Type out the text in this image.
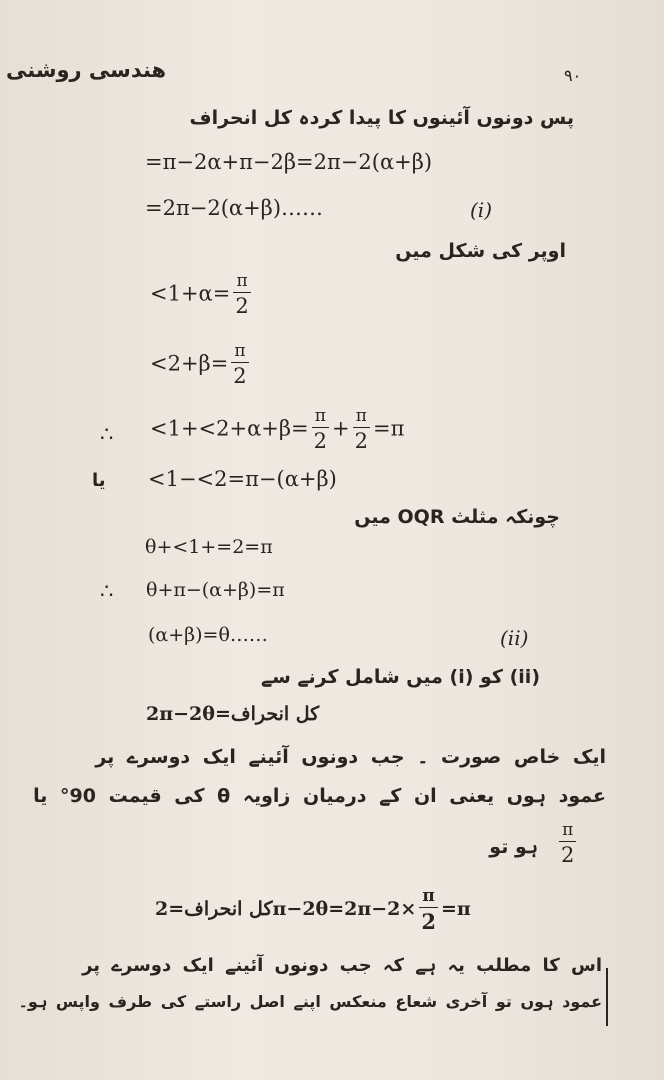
هندسی روشنی	۹۰
پس دونوں آئینوں کا پیدا کردہ کل انحراف
=π−2α+π−2β=2π−2(α+β)
=2π−2(α+β)……	(i)
اوپر کی شکل میں
$<1+\alpha= \frac{\pi}{2}$
$<2+\beta= \frac{\pi}{2}$
∴ $<1+<2+\alpha+\beta= \frac{\pi}{2} + \frac{\pi}{2} =\pi$
یا <1−<2=π−(α+β)
چونکہ مثلث OQR میں
θ+<1+=2=π
∴ θ+π−(α+β)=π
(α+β)=θ……	(ii)
(ii) کو (i) میں شامل کرنے سے
کل انحراف=2π−2θ
ایک خاص صورت ۔ جب دونوں آئینے ایک دوسرے پر
عمود ہوں یعنی ان کے درمیان زاویہ θ کی قیمت 90° یا
$\frac{\pi}{2}$
ہو تو
کل انحراف=2π−2θ=2π−2× $\frac{\pi}{2} =\pi$
اس کا مطلب یہ ہے کہ جب دونوں آئینے ایک دوسرے پر
عمود ہوں تو آخری شعاع منعکس اپنے اصل راستے کی طرف واپس ہو۔
